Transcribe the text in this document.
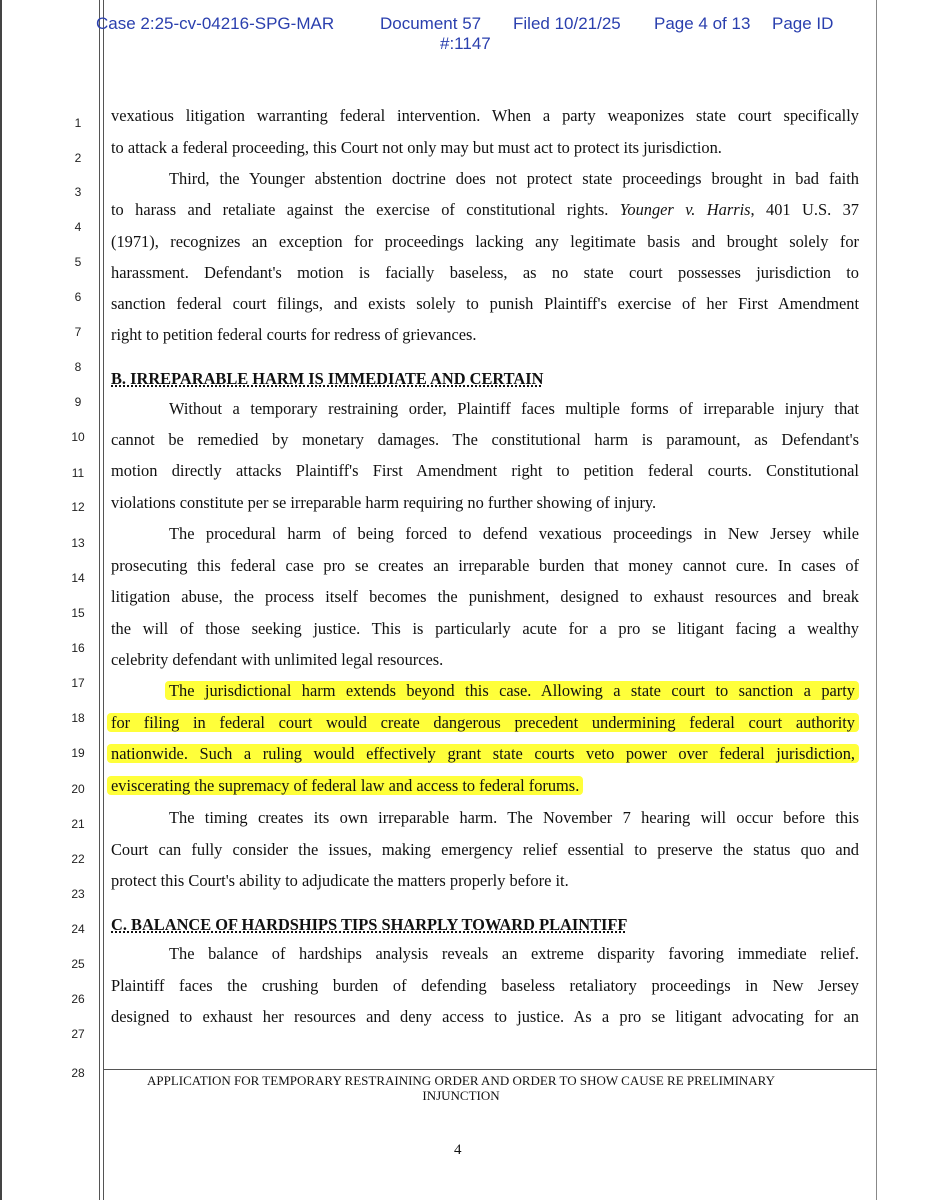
Case 2:25-cv-04216-SPG-MAR	Document 57 Filed 10/21/25 Page 4 of 13 Page ID
#:1147
1
2
3
4
5
6
7
8
9
10
11
12
13
14
15
16
17
18
19
20
21
22
23
24
25
26
27
28
vexatious litigation warranting federal intervention. When a party weaponizes state court specifically
to attack a federal proceeding, this Court not only may but must act to protect its jurisdiction.
Third, the Younger abstention doctrine does not protect state proceedings brought in bad faith
to harass and retaliate against the exercise of constitutional rights. Younger v. Harris, 401 U.S. 37
(1971), recognizes an exception for proceedings lacking any legitimate basis and brought solely for
harassment. Defendant's motion is facially baseless, as no state court possesses jurisdiction to
sanction federal court filings, and exists solely to punish Plaintiff's exercise of her First Amendment
right to petition federal courts for redress of grievances.
B. IRREPARABLE HARM IS IMMEDIATE AND CERTAIN
Without a temporary restraining order, Plaintiff faces multiple forms of irreparable injury that
cannot be remedied by monetary damages. The constitutional harm is paramount, as Defendant's
motion directly attacks Plaintiff's First Amendment right to petition federal courts. Constitutional
violations constitute per se irreparable harm requiring no further showing of injury.
The procedural harm of being forced to defend vexatious proceedings in New Jersey while
prosecuting this federal case pro se creates an irreparable burden that money cannot cure. In cases of
litigation abuse, the process itself becomes the punishment, designed to exhaust resources and break
the will of those seeking justice. This is particularly acute for a pro se litigant facing a wealthy
celebrity defendant with unlimited legal resources.
The jurisdictional harm extends beyond this case. Allowing a state court to sanction a party
for filing in federal court would create dangerous precedent undermining federal court authority
nationwide. Such a ruling would effectively grant state courts veto power over federal jurisdiction,
eviscerating the supremacy of federal law and access to federal forums.
The timing creates its own irreparable harm. The November 7 hearing will occur before this
Court can fully consider the issues, making emergency relief essential to preserve the status quo and
protect this Court's ability to adjudicate the matters properly before it.
C. BALANCE OF HARDSHIPS TIPS SHARPLY TOWARD PLAINTIFF
The balance of hardships analysis reveals an extreme disparity favoring immediate relief.
Plaintiff faces the crushing burden of defending baseless retaliatory proceedings in New Jersey
designed to exhaust her resources and deny access to justice. As a pro se litigant advocating for an
APPLICATION FOR TEMPORARY RESTRAINING ORDER AND ORDER TO SHOW CAUSE RE PRELIMINARY INJUNCTION
4
